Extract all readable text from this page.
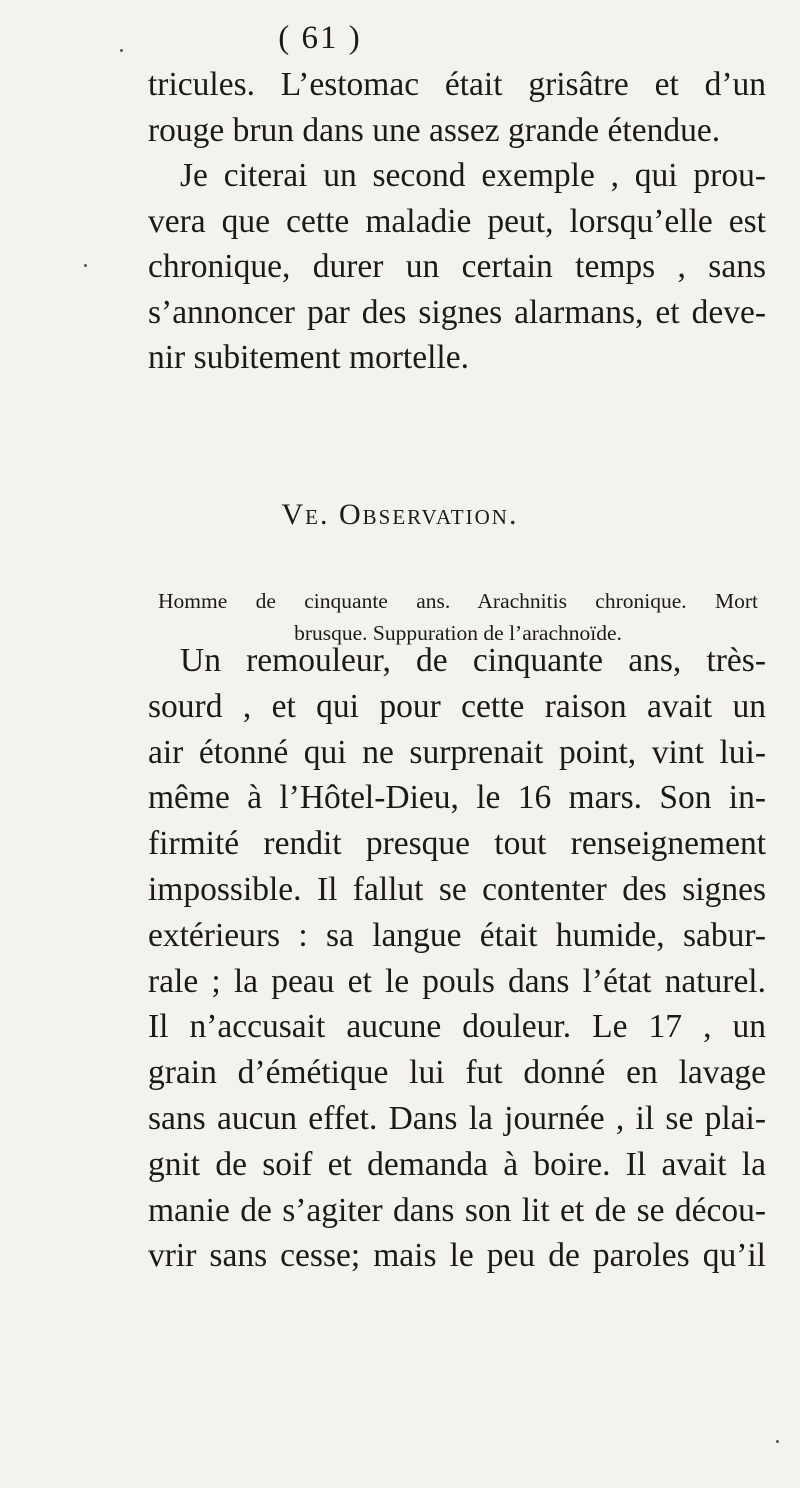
( 61 )
tricules. L’estomac était grisâtre et d’un
rouge brun dans une assez grande étendue.
Je citerai un second exemple , qui prou-
vera que cette maladie peut, lorsqu’elle est
chronique, durer un certain temps , sans
s’annoncer par des signes alarmans, et deve-
nir subitement mortelle.
Ve. Observation.
Homme de cinquante ans. Arachnitis chronique. Mort
brusque. Suppuration de l’arachnoïde.
Un remouleur, de cinquante ans, très-
sourd , et qui pour cette raison avait un
air étonné qui ne surprenait point, vint lui-
même à l’Hôtel-Dieu, le 16 mars. Son in-
firmité rendit presque tout renseignement
impossible. Il fallut se contenter des signes
extérieurs : sa langue était humide, sabur-
rale ; la peau et le pouls dans l’état naturel.
Il n’accusait aucune douleur. Le 17 , un
grain d’émétique lui fut donné en lavage
sans aucun effet. Dans la journée , il se plai-
gnit de soif et demanda à boire. Il avait la
manie de s’agiter dans son lit et de se décou-
vrir sans cesse; mais le peu de paroles qu’il
